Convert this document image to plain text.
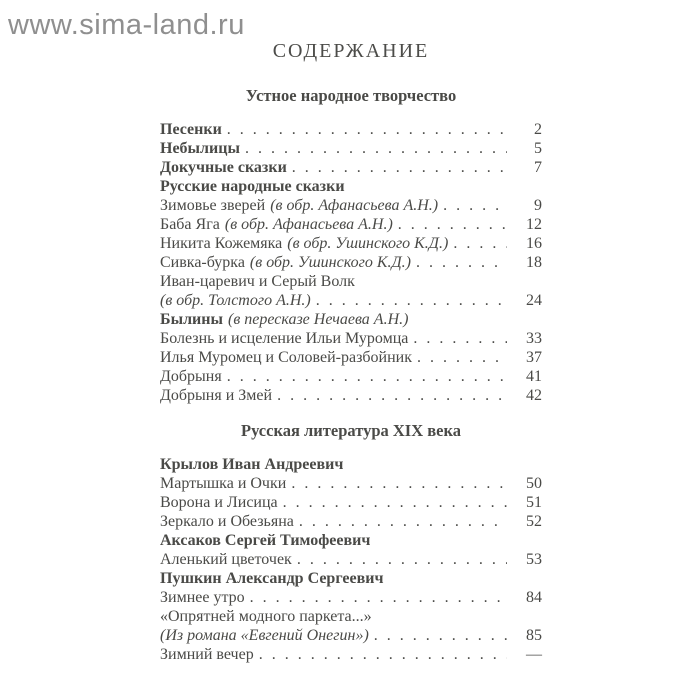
www.sima-land.ru
СОДЕРЖАНИЕ
Устное народное творчество
Песенки . . .	2
Небылицы . . .	5
Докучные сказки . . .	7
Русские народные сказки
Зимовье зверей (в обр. Афанасьева А.Н.) . . .	9
Баба Яга (в обр. Афанасьева А.Н.) . . .	12
Никита Кожемяка (в обр. Ушинского К.Д.) . . .	16
Сивка-бурка (в обр. Ушинского К.Д.) . . .	18
Иван-царевич и Серый Волк
(в обр. Толстого А.Н.) . . .	24
Былины (в пересказе Нечаева А.Н.)
Болезнь и исцеление Ильи Муромца . . .	33
Илья Муромец и Соловей-разбойник . . .	37
Добрыня . . .	41
Добрыня и Змей . . .	42
Русская литература XIX века
Крылов Иван Андреевич
Мартышка и Очки . . .	50
Ворона и Лисица . . .	51
Зеркало и Обезьяна . . .	52
Аксаков Сергей Тимофеевич
Аленький цветочек . . .	53
Пушкин Александр Сергеевич
Зимнее утро . . .	84
«Опрятней модного паркета...»
(Из романа «Евгений Онегин») . . .	85
Зимний вечер . . .	—
